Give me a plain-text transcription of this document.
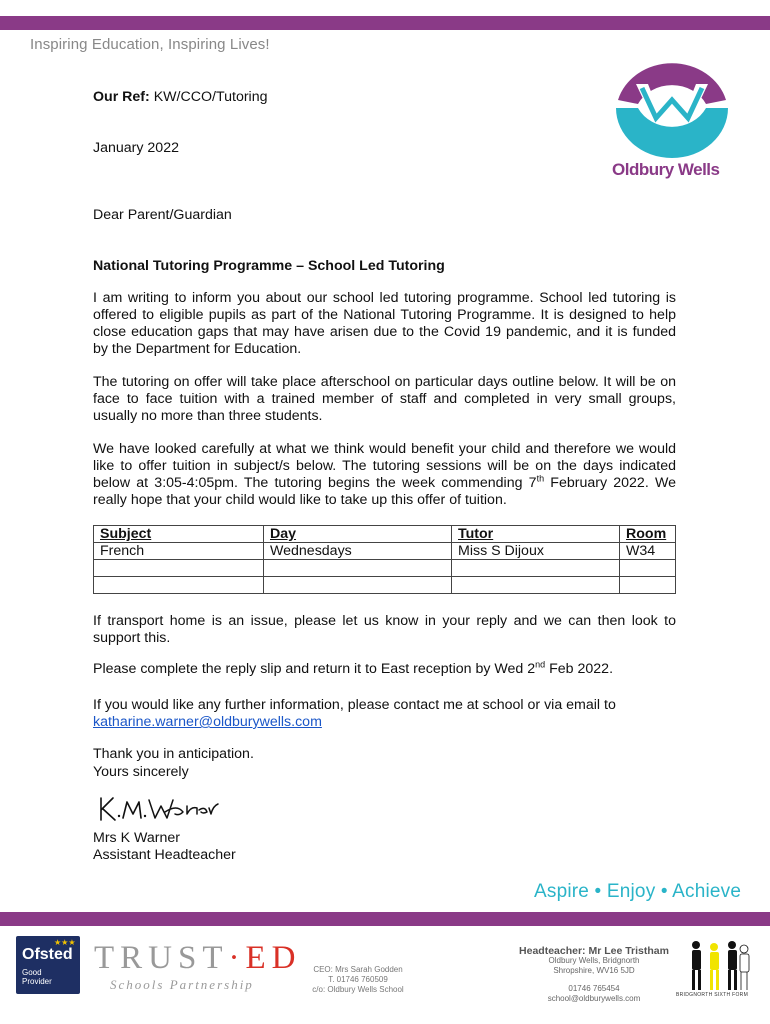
Inspiring Education, Inspiring Lives!
Oldbury Wells
Our Ref: KW/CCO/Tutoring
January 2022
Dear Parent/Guardian
National Tutoring Programme – School Led Tutoring
I am writing to inform you about our school led tutoring programme. School led tutoring is offered to eligible pupils as part of the National Tutoring Programme. It is designed to help close education gaps that may have arisen due to the Covid 19 pandemic, and it is funded by the Department for Education.
The tutoring on offer will take place afterschool on particular days outline below. It will be on face to face tuition with a trained member of staff and completed in very small groups, usually no more than three students.
We have looked carefully at what we think would benefit your child and therefore we would like to offer tuition in subject/s below. The tutoring sessions will be on the days indicated below at 3:05-4:05pm. The tutoring begins the week commending 7th February 2022. We really hope that your child would like to take up this offer of tuition.
Subject	Day	Tutor	Room
French	Wednesdays	Miss S Dijoux	W34

If transport home is an issue, please let us know in your reply and we can then look to support this.
Please complete the reply slip and return it to East reception by Wed 2nd Feb 2022.
If you would like any further information, please contact me at school or via email to
katharine.warner@oldburywells.com
Thank you in anticipation.
Yours sincerely
Mrs K Warner
Assistant Headteacher
Aspire • Enjoy • Achieve
★★★
Ofsted
Good
Provider
TRUST·ED
Schools Partnership
CEO: Mrs Sarah Godden
T. 01746 760509
c/o: Oldbury Wells School
Headteacher: Mr Lee Tristham
Oldbury Wells, Bridgnorth
Shropshire, WV16 5JD
01746 765454
school@oldburywells.com	BRIDGNORTH SIXTH FORM
